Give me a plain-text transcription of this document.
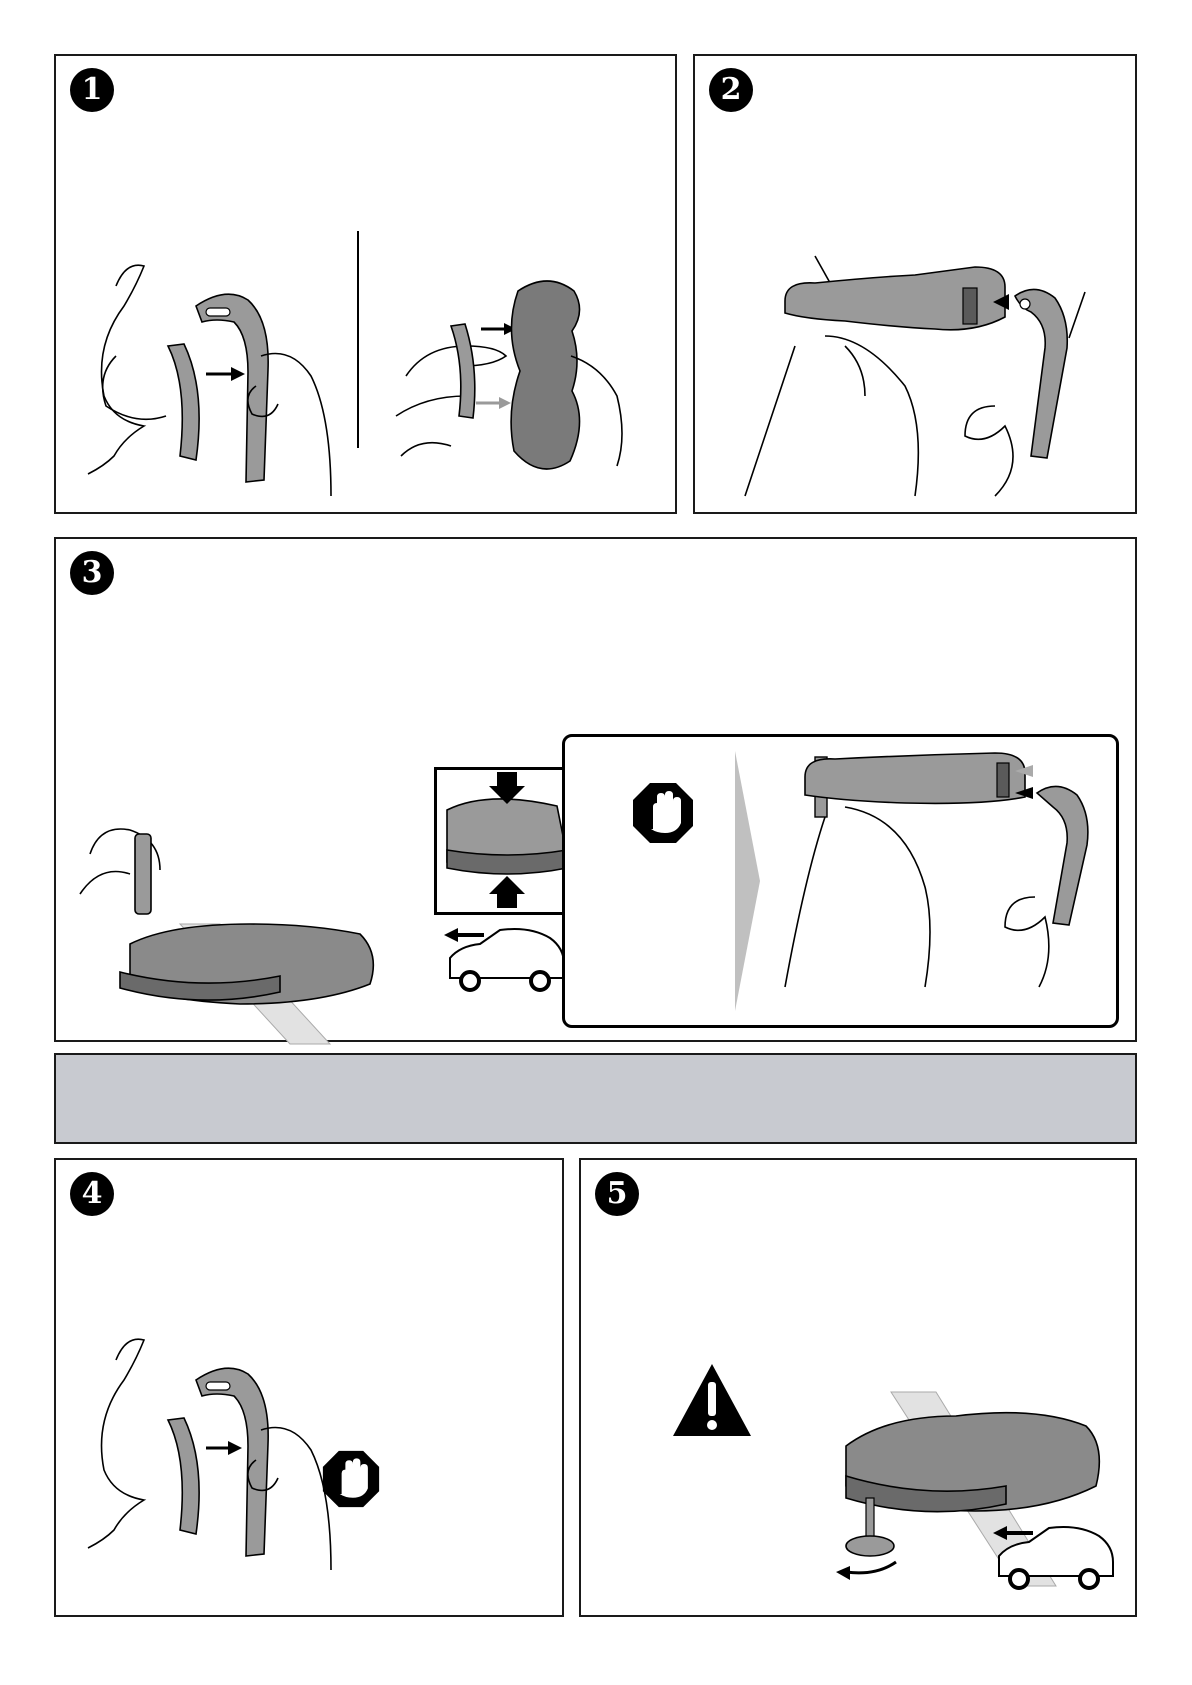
1	2
3
4	5
